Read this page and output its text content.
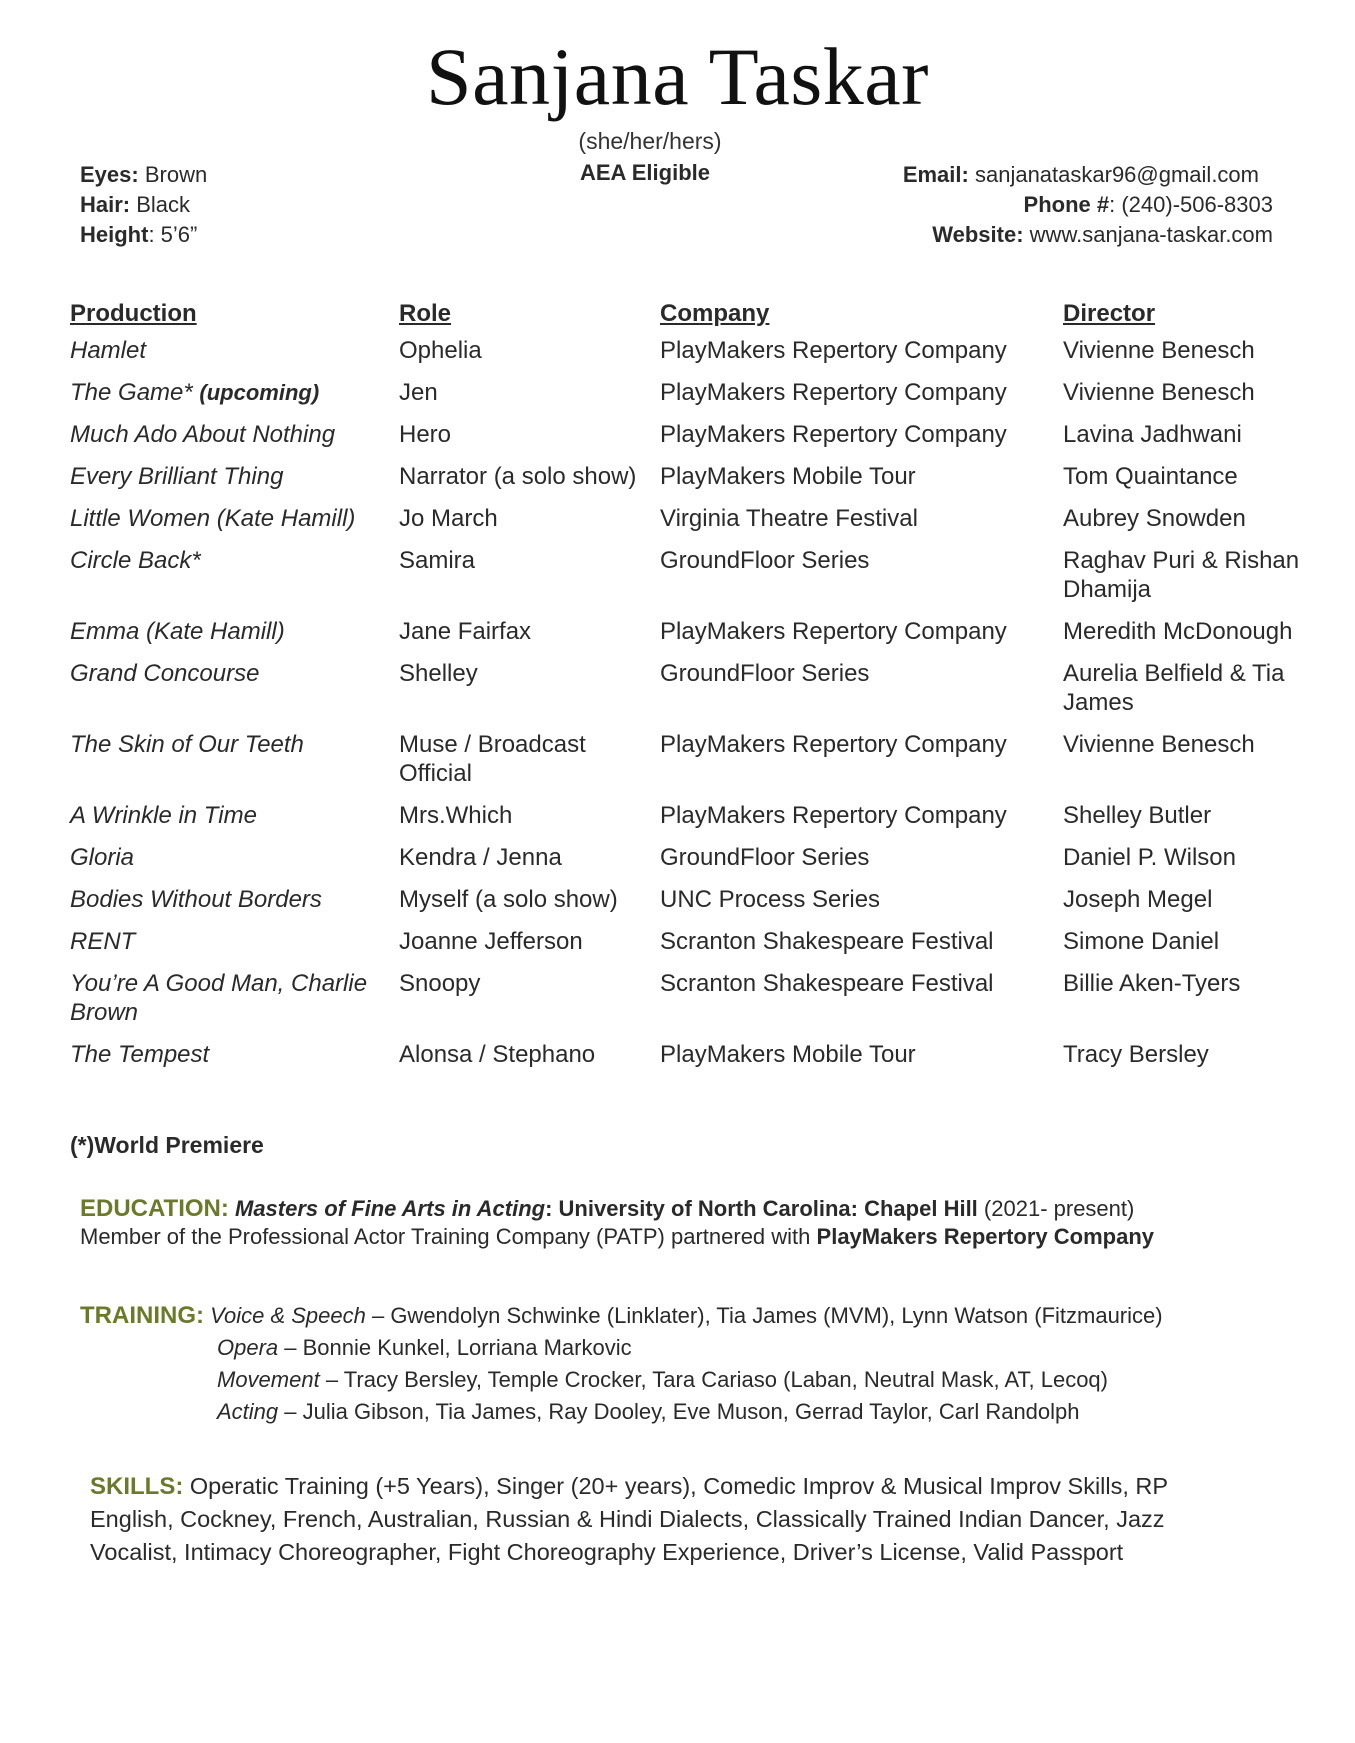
Sanjana Taskar
(she/her/hers)
Eyes: Brown
Hair: Black
Height: 5’6”
AEA Eligible	Email: sanjanataskar96@gmail.com
Phone #: (240)-506-8303
Website: www.sanjana-taskar.com
Production	Role	Company	Director
Hamlet	Ophelia	PlayMakers Repertory Company	Vivienne Benesch
The Game* (upcoming)	Jen	PlayMakers Repertory Company	Vivienne Benesch
Much Ado About Nothing	Hero	PlayMakers Repertory Company	Lavina Jadhwani
Every Brilliant Thing	Narrator (a solo show)	PlayMakers Mobile Tour	Tom Quaintance
Little Women (Kate Hamill)	Jo March	Virginia Theatre Festival	Aubrey Snowden
Circle Back*	Samira	GroundFloor Series	Raghav Puri & Rishan Dhamija
Emma (Kate Hamill)	Jane Fairfax	PlayMakers Repertory Company	Meredith McDonough
Grand Concourse	Shelley	GroundFloor Series	Aurelia Belfield & Tia James
The Skin of Our Teeth	Muse / Broadcast Official	PlayMakers Repertory Company	Vivienne Benesch
A Wrinkle in Time	Mrs.Which	PlayMakers Repertory Company	Shelley Butler
Gloria	Kendra / Jenna	GroundFloor Series	Daniel P. Wilson
Bodies Without Borders	Myself (a solo show)	UNC Process Series	Joseph Megel
RENT	Joanne Jefferson	Scranton Shakespeare Festival	Simone Daniel
You’re A Good Man, Charlie Brown	Snoopy	Scranton Shakespeare Festival	Billie Aken-Tyers
The Tempest	Alonsa / Stephano	PlayMakers Mobile Tour	Tracy Bersley
(*)World Premiere
EDUCATION: Masters of Fine Arts in Acting: University of North Carolina: Chapel Hill (2021- present)
Member of the Professional Actor Training Company (PATP) partnered with PlayMakers Repertory Company
TRAINING: Voice & Speech – Gwendolyn Schwinke (Linklater), Tia James (MVM), Lynn Watson (Fitzmaurice)
Opera – Bonnie Kunkel, Lorriana Markovic
Movement – Tracy Bersley, Temple Crocker, Tara Cariaso (Laban, Neutral Mask, AT, Lecoq)
Acting – Julia Gibson, Tia James, Ray Dooley, Eve Muson, Gerrad Taylor, Carl Randolph
SKILLS: Operatic Training (+5 Years), Singer (20+ years), Comedic Improv & Musical Improv Skills, RP English, Cockney, French, Australian, Russian & Hindi Dialects, Classically Trained Indian Dancer, Jazz Vocalist, Intimacy Choreographer, Fight Choreography Experience, Driver’s License, Valid Passport
